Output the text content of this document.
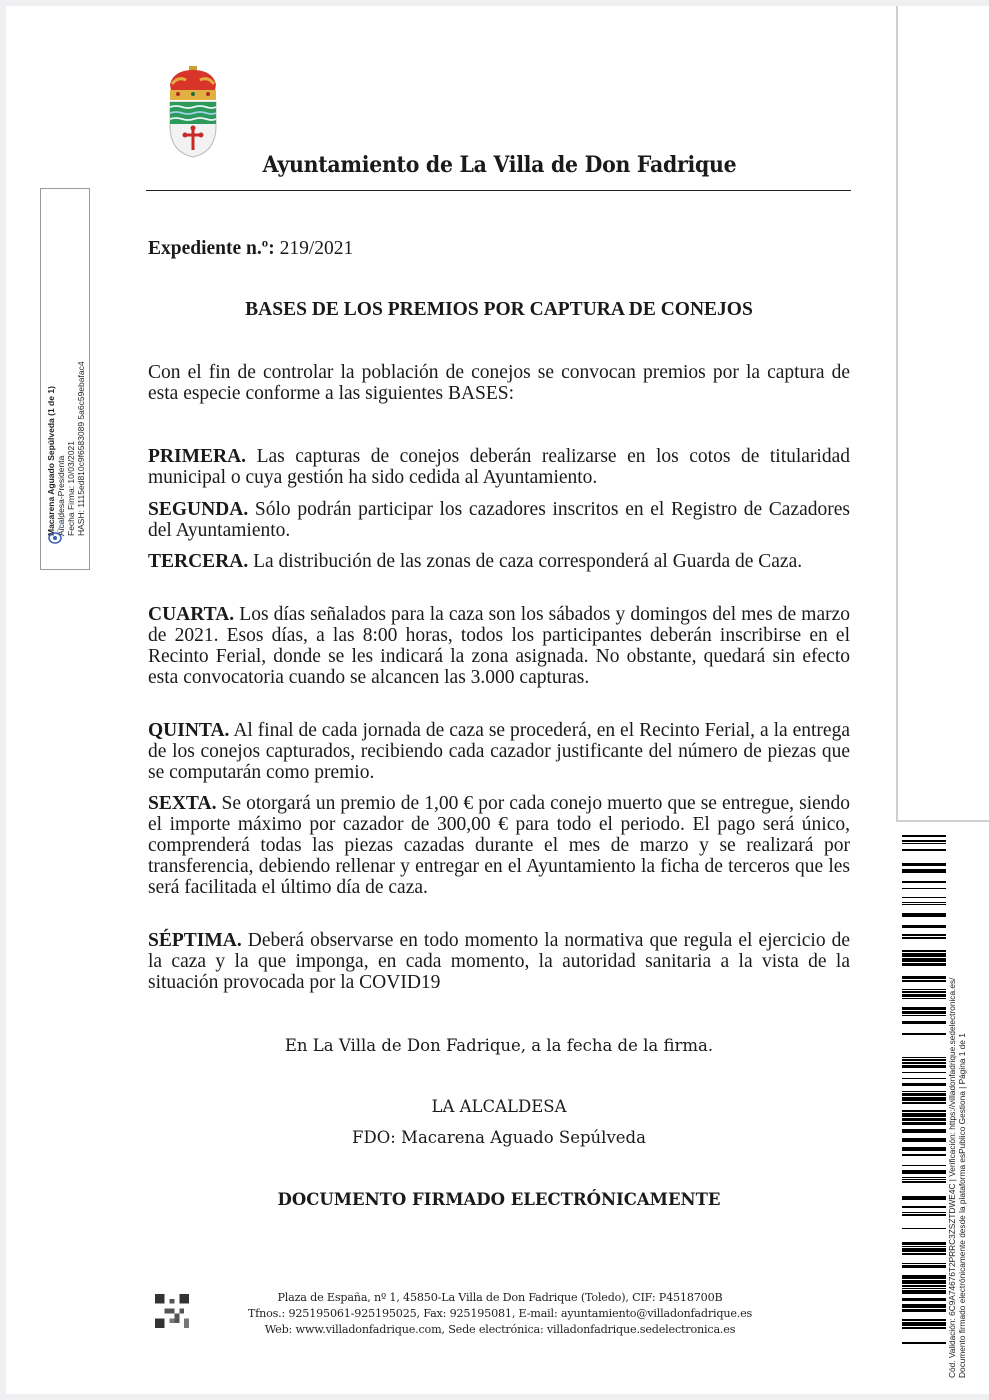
Ayuntamiento de La Villa de Don Fadrique
Expediente n.º: 219/2021
BASES DE LOS PREMIOS POR CAPTURA DE CONEJOS
Con el fin de controlar la población de conejos se convocan premios por la captura de esta especie conforme a las siguientes BASES:
PRIMERA. Las capturas de conejos deberán realizarse en los cotos de titularidad municipal o cuya gestión ha sido cedida al Ayuntamiento.
SEGUNDA. Sólo podrán participar los cazadores inscritos en el Registro de Cazadores del Ayuntamiento.
TERCERA. La distribución de las zonas de caza corresponderá al Guarda de Caza.
CUARTA. Los días señalados para la caza son los sábados y domingos del mes de marzo de 2021. Esos días, a las 8:00 horas, todos los participantes deberán inscribirse en el Recinto Ferial, donde se les indicará la zona asignada. No obstante, quedará sin efecto esta convocatoria cuando se alcancen las 3.000 capturas.
QUINTA. Al final de cada jornada de caza se procederá, en el Recinto Ferial, a la entrega de los conejos capturados, recibiendo cada cazador justificante del número de piezas que se computarán como premio.
SEXTA. Se otorgará un premio de 1,00 € por cada conejo muerto que se entregue, siendo el importe máximo por cazador de 300,00 € para todo el periodo. El pago será único, comprenderá todas las piezas cazadas durante el mes de marzo y se realizará por transferencia, debiendo rellenar y entregar en el Ayuntamiento la ficha de terceros que les será facilitada el último día de caza.
SÉPTIMA. Deberá observarse en todo momento la normativa que regula el ejercicio de la caza y la que imponga, en cada momento, la autoridad sanitaria a la vista de la situación provocada por la COVID19
En La Villa de Don Fadrique, a la fecha de la firma.
LA ALCALDESA
FDO: Macarena Aguado Sepúlveda
DOCUMENTO FIRMADO ELECTRÓNICAMENTE
Macarena Aguado Sepúlveda (1 de 1) Alcaldesa-Presidenta Fecha Firma: 10/03/2021 HASH: 1115ed810c9f6583089 5a6c59ebafac4
Cód. Validación: 6C9A74676T2PRRC3ZSZTDWE4C | Verificación: https://villadonfadrique.sedelectronica.es/ Documento firmado electrónicamente desde la plataforma esPublico Gestiona | Página 1 de 1
Plaza de España, nº 1, 45850-La Villa de Don Fadrique (Toledo), CIF: P4518700B
Tfnos.: 925195061-925195025, Fax: 925195081, E-mail: ayuntamiento@villadonfadrique.es
Web: www.villadonfadrique.com, Sede electrónica: villadonfadrique.sedelectronica.es
